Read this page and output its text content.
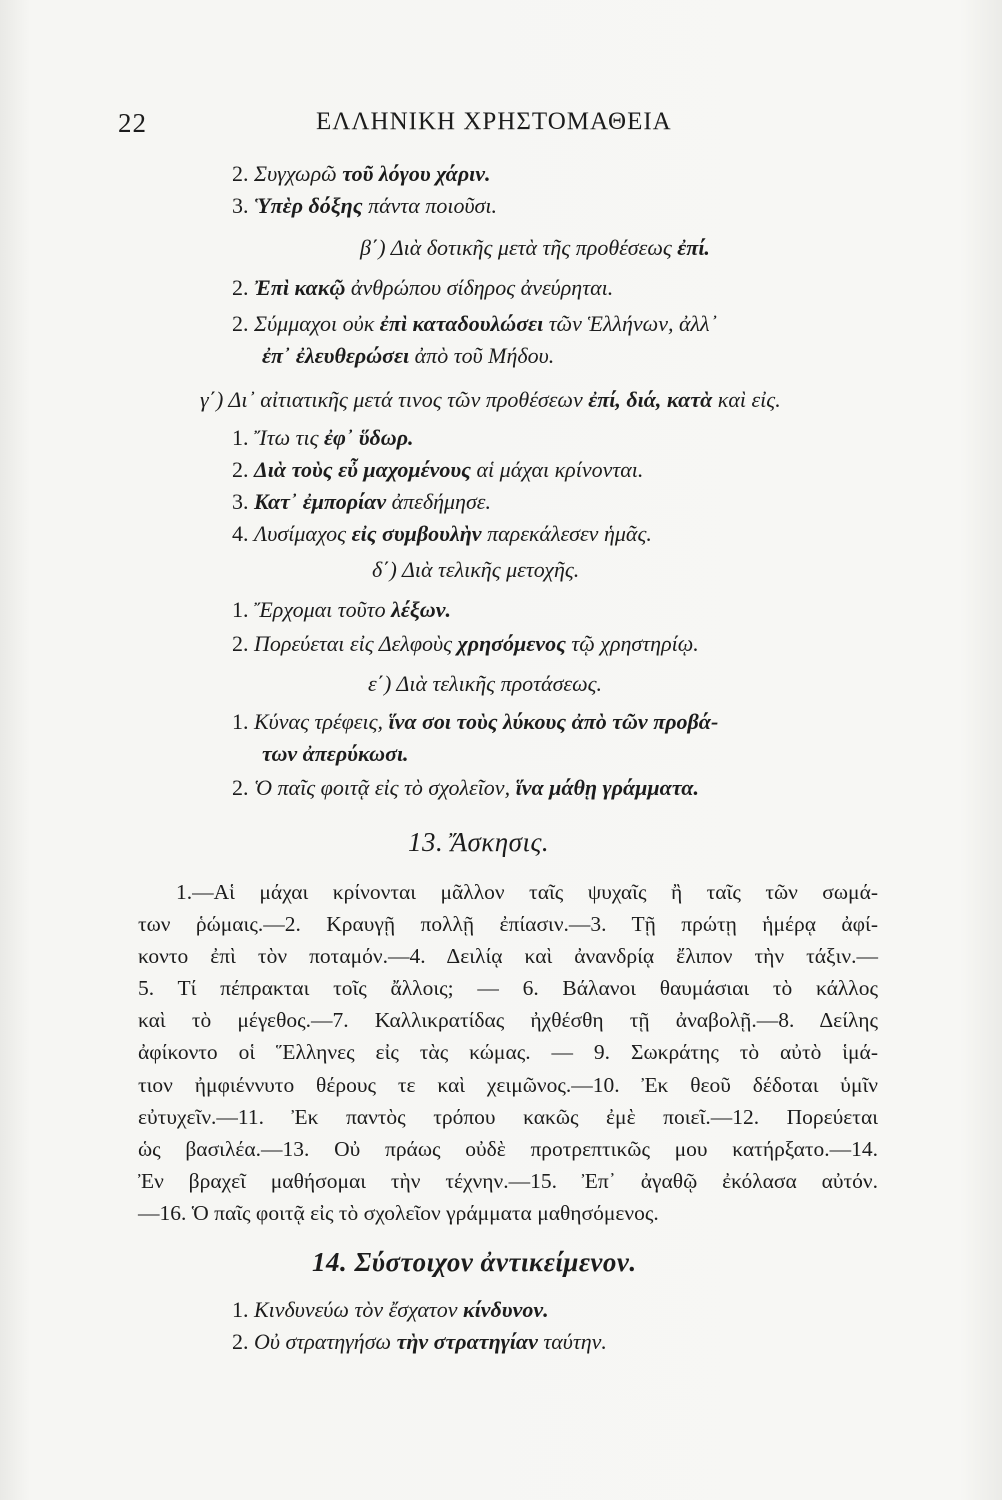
22	ΕΛΛΗΝΙΚΗ ΧΡΗΣΤΟΜΑΘΕΙΑ
2. Συγχωρῶ τοῦ λόγου χάριν.
3. Ὑπὲρ δόξης πάντα ποιοῦσι.
β΄) Διὰ δοτικῆς μετὰ τῆς προθέσεως ἐπί.
2. Ἐπὶ κακῷ ἀνθρώπου σίδηρος ἀνεύρηται.
2. Σύμμαχοι οὐκ ἐπὶ καταδουλώσει τῶν Ἑλλήνων, ἀλλ᾽
ἐπ᾽ ἐλευθερώσει ἀπὸ τοῦ Μήδου.
γ΄) Δι᾽ αἰτιατικῆς μετά τινος τῶν προθέσεων ἐπί, διά, κατὰ καὶ εἰς.
1. Ἴτω τις ἐφ᾽ ὕδωρ.
2. Διὰ τοὺς εὖ μαχομένους αἱ μάχαι κρίνονται.
3. Κατ᾽ ἐμπορίαν ἀπεδήμησε.
4. Λυσίμαχος εἰς συμβουλὴν παρεκάλεσεν ἡμᾶς.
δ΄) Διὰ τελικῆς μετοχῆς.
1. Ἔρχομαι τοῦτο λέξων.
2. Πορεύεται εἰς Δελφοὺς χρησόμενος τῷ χρηστηρίῳ.
ε΄) Διὰ τελικῆς προτάσεως.
1. Κύνας τρέφεις, ἵνα σοι τοὺς λύκους ἀπὸ τῶν προβά-
των ἀπερύκωσι.
2. Ὁ παῖς φοιτᾷ εἰς τὸ σχολεῖον, ἵνα μάθῃ γράμματα.
13. Ἄσκησις.
1.—Αἱ μάχαι κρίνονται μᾶλλον ταῖς ψυχαῖς ἢ ταῖς τῶν σωμά-
των ῥώμαις.—2. Κραυγῇ πολλῇ ἐπίασιν.—3. Τῇ πρώτῃ ἡμέρᾳ ἀφί-
κοντο ἐπὶ τὸν ποταμόν.—4. Δειλίᾳ καὶ ἀνανδρίᾳ ἔλιπον τὴν τάξιν.—
5. Τί πέπρακται τοῖς ἄλλοις; — 6. Βάλανοι θαυμάσιαι τὸ κάλλος
καὶ τὸ μέγεθος.—7. Καλλικρατίδας ἠχθέσθη τῇ ἀναβολῇ.—8. Δείλης
ἀφίκοντο οἱ Ἕλληνες εἰς τὰς κώμας. — 9. Σωκράτης τὸ αὐτὸ ἱμά-
τιον ἠμφιέννυτο θέρους τε καὶ χειμῶνος.—10. Ἐκ θεοῦ δέδοται ὑμῖν
εὐτυχεῖν.—11. Ἐκ παντὸς τρόπου κακῶς ἐμὲ ποιεῖ.—12. Πορεύεται
ὡς βασιλέα.—13. Οὐ πράως οὐδὲ προτρεπτικῶς μου κατήρξατο.—14.
Ἐν βραχεῖ μαθήσομαι τὴν τέχνην.—15. Ἐπ᾽ ἀγαθῷ ἐκόλασα αὐτόν.
—16. Ὁ παῖς φοιτᾷ εἰς τὸ σχολεῖον γράμματα μαθησόμενος.
14. Σύστοιχον ἀντικείμενον.
1. Κινδυνεύω τὸν ἔσχατον κίνδυνον.
2. Οὐ στρατηγήσω τὴν στρατηγίαν ταύτην.
